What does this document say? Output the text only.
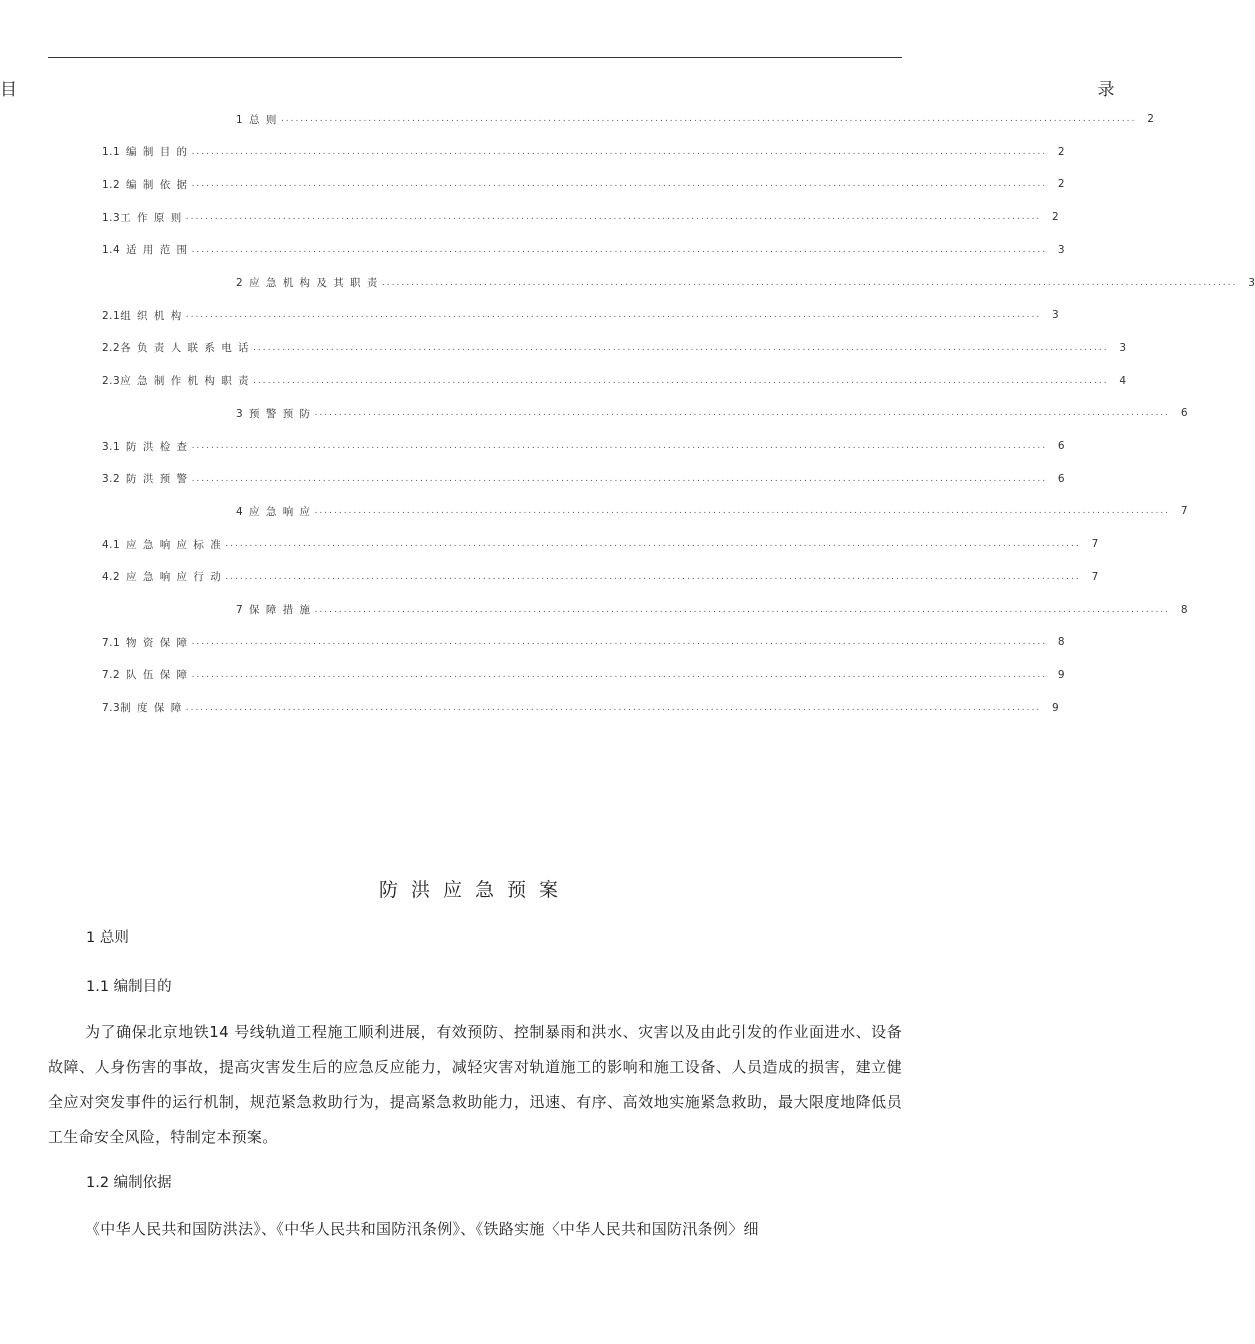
目                录
1 总 则 .....	2
1.1 编 制 目 的 .....	2
1.2 编 制 依 据 .....	2
1.3工 作 原 则 .....	2
1.4 适 用 范 围 .....	3
2 应 急 机 构 及 其 职 责 .....	3
2.1组 织 机 构 .....	3
2.2各 负 责 人 联 系 电 话 .....	3
2.3应 急 制 作 机 构 职 责 .....	4
3 预 警 预 防 .....	6
3.1 防 洪 检 查 .....	6
3.2 防 洪 预 警 .....	6
4 应 急 响 应 .....	7
4.1 应 急 响 应 标 准 .....	7
4.2 应 急 响 应 行 动 .....	7
7 保 障 措 施 .....	8
7.1 物 资 保 障 .....	8
7.2 队 伍 保 障 .....	9
7.3制 度 保 障 .....	9
防洪应急预案
1 总则
1.1 编制目的

为了确保北京地铁14 号线轨道工程施工顺利进展，有效预防、控制暴雨和洪水、灾害以及由此引发的作业面进水、设备故障、人身伤害的事故，提高灾害发生后的应急反应能力，减轻灾害对轨道施工的影响和施工设备、人员造成的损害，建立健全应对突发事件的运行机制，规范紧急救助行为，提高紧急救助能力，迅速、有序、高效地实施紧急救助，最大限度地降低员工生命安全风险，特制定本预案。

1.2 编制依据

《中华人民共和国防洪法》、《中华人民共和国防汛条例》、《铁路实施〈中华人民共和国防汛条例〉细
